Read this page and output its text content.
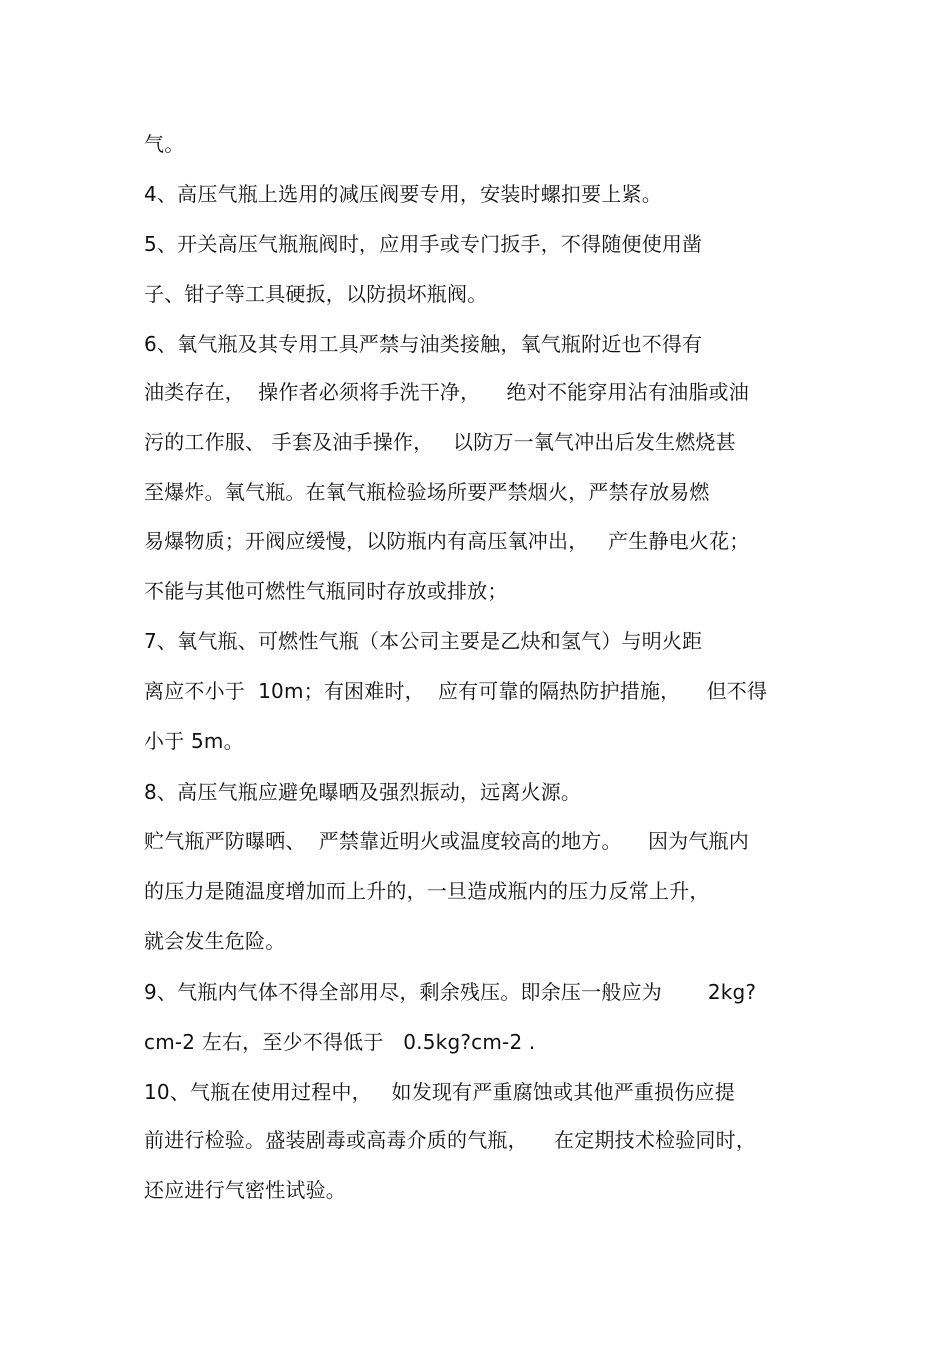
气。
4、高压气瓶上选用的减压阀要专用，安装时螺扣要上紧。
5、开关高压气瓶瓶阀时，应用手或专门扳手，不得随便使用凿
子、钳子等工具硬扳，以防损坏瓶阀。
6、氧气瓶及其专用工具严禁与油类接触，氧气瓶附近也不得有
油类存在，  操作者必须将手洗干净，    绝对不能穿用沾有油脂或油
污的工作服、 手套及油手操作，   以防万一氧气冲出后发生燃烧甚
至爆炸。氧气瓶。在氧气瓶检验场所要严禁烟火，严禁存放易燃
易爆物质；开阀应缓慢，以防瓶内有高压氧冲出，   产生静电火花；
不能与其他可燃性气瓶同时存放或排放；
7、氧气瓶、可燃性气瓶（本公司主要是乙炔和氢气）与明火距
离应不小于  10m；有困难时，  应有可靠的隔热防护措施，    但不得
小于 5m。
8、高压气瓶应避免曝晒及强烈振动，远离火源。
贮气瓶严防曝晒、  严禁靠近明火或温度较高的地方。    因为气瓶内
的压力是随温度增加而上升的，一旦造成瓶内的压力反常上升，
就会发生危险。
9、气瓶内气体不得全部用尽，剩余残压。即余压一般应为       2kg?
cm-2 左右，至少不得低于   0.5kg?cm-2 .
10、气瓶在使用过程中，   如发现有严重腐蚀或其他严重损伤应提
前进行检验。盛装剧毒或高毒介质的气瓶，    在定期技术检验同时，
还应进行气密性试验。
